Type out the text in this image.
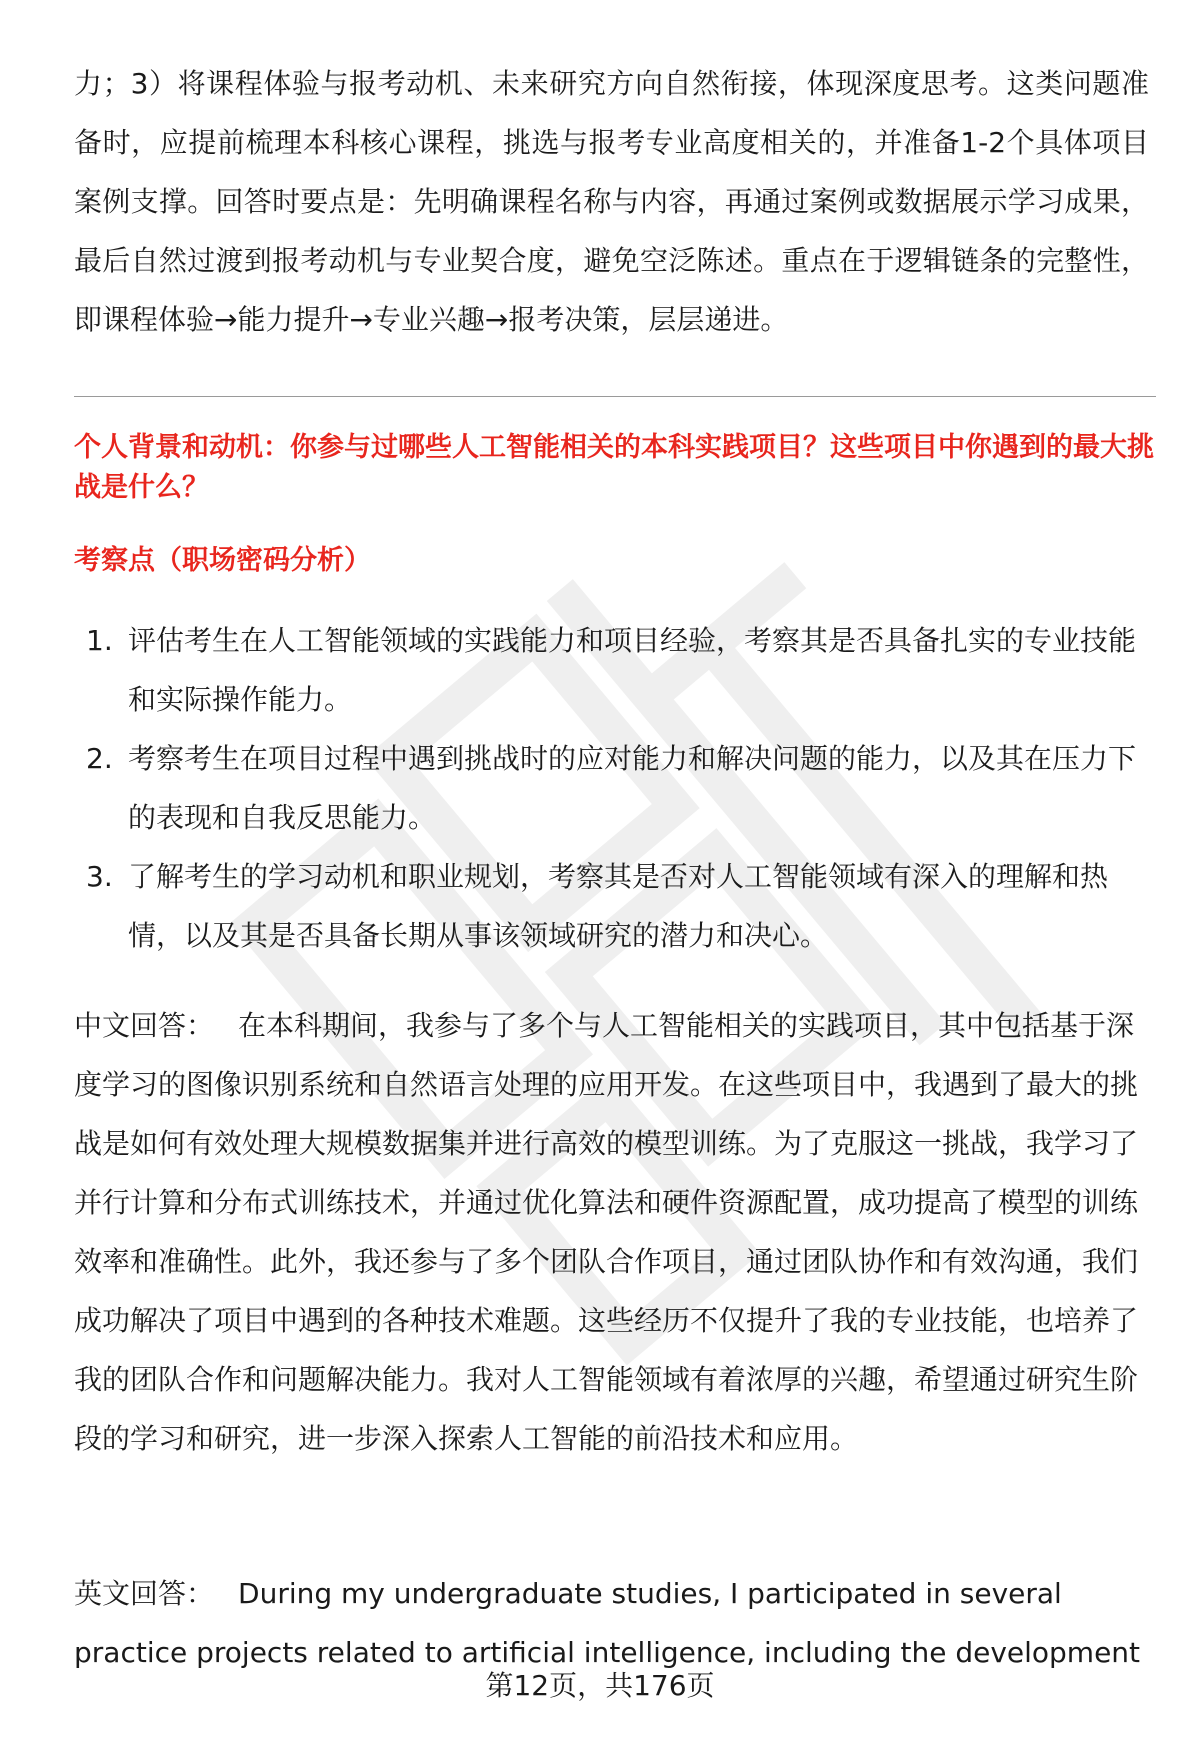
力；3）将课程体验与报考动机、未来研究方向自然衔接，体现深度思考。这类问题准备时，应提前梳理本科核心课程，挑选与报考专业高度相关的，并准备1-2个具体项目案例支撑。回答时要点是：先明确课程名称与内容，再通过案例或数据展示学习成果，最后自然过渡到报考动机与专业契合度，避免空泛陈述。重点在于逻辑链条的完整性，即课程体验→能力提升→专业兴趣→报考决策，层层递进。

个人背景和动机：你参与过哪些人工智能相关的本科实践项目？这些项目中你遇到的最大挑战是什么？

考察点（职场密码分析）

1. 评估考生在人工智能领域的实践能力和项目经验，考察其是否具备扎实的专业技能和实际操作能力。
2. 考察考生在项目过程中遇到挑战时的应对能力和解决问题的能力，以及其在压力下的表现和自我反思能力。
3. 了解考生的学习动机和职业规划，考察其是否对人工智能领域有深入的理解和热情，以及其是否具备长期从事该领域研究的潜力和决心。

中文回答： 在本科期间，我参与了多个与人工智能相关的实践项目，其中包括基于深度学习的图像识别系统和自然语言处理的应用开发。在这些项目中，我遇到了最大的挑战是如何有效处理大规模数据集并进行高效的模型训练。为了克服这一挑战，我学习了并行计算和分布式训练技术，并通过优化算法和硬件资源配置，成功提高了模型的训练效率和准确性。此外，我还参与了多个团队合作项目，通过团队协作和有效沟通，我们成功解决了项目中遇到的各种技术难题。这些经历不仅提升了我的专业技能，也培养了我的团队合作和问题解决能力。我对人工智能领域有着浓厚的兴趣，希望通过研究生阶段的学习和研究，进一步深入探索人工智能的前沿技术和应用。

英文回答： During my undergraduate studies, I participated in several practice projects related to artificial intelligence, including the development

第12页，共176页
